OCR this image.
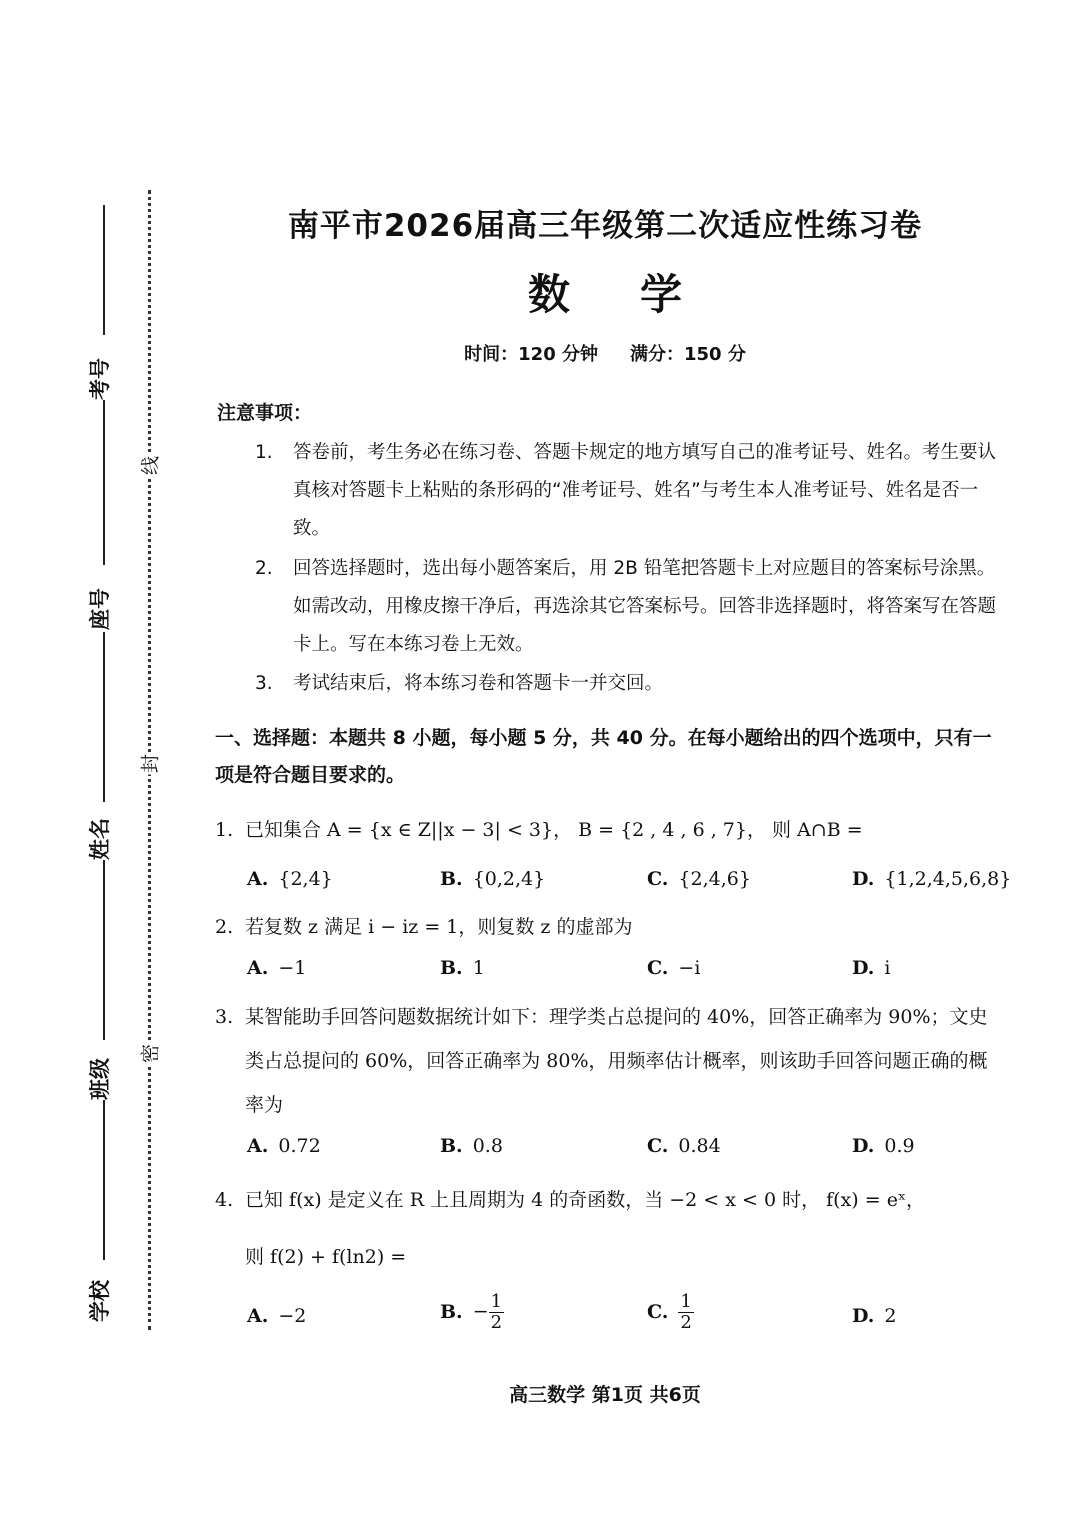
考号
座号
姓名
班级
学校
线
封
密
南平市2026届高三年级第二次适应性练习卷
数学
时间：120 分钟 满分：150 分
注意事项：
1. 答卷前，考生务必在练习卷、答题卡规定的地方填写自己的准考证号、姓名。考生要认真核对答题卡上粘贴的条形码的“准考证号、姓名”与考生本人准考证号、姓名是否一致。
2. 回答选择题时，选出每小题答案后，用 2B 铅笔把答题卡上对应题目的答案标号涂黑。如需改动，用橡皮擦干净后，再选涂其它答案标号。回答非选择题时，将答案写在答题卡上。写在本练习卷上无效。
3. 考试结束后，将本练习卷和答题卡一并交回。
一、选择题：本题共 8 小题，每小题 5 分，共 40 分。在每小题给出的四个选项中，只有一项是符合题目要求的。
1. 已知集合 A = {x ∈ Z||x − 3| < 3}， B = {2 , 4 , 6 , 7}， 则 A∩B =
A. {2,4}	B. {0,2,4}	C. {2,4,6}	D. {1,2,4,5,6,8}
2. 若复数 z 满足 i − iz = 1，则复数 z 的虚部为
A. −1	B. 1	C. −i	D. i
3. 某智能助手回答问题数据统计如下：理学类占总提问的 40%，回答正确率为 90%；文史类占总提问的 60%，回答正确率为 80%，用频率估计概率，则该助手回答问题正确的概率为
A. 0.72	B. 0.8	C. 0.84	D. 0.9
4. 已知 f(x) 是定义在 R 上且周期为 4 的奇函数，当 −2 < x < 0 时， f(x) = eˣ，
则 f(2) + f(ln2) =
A. −2	B. − $\frac{1}{2}$	C. $\frac{1}{2}$	D. 2
高三数学 第1页 共6页
